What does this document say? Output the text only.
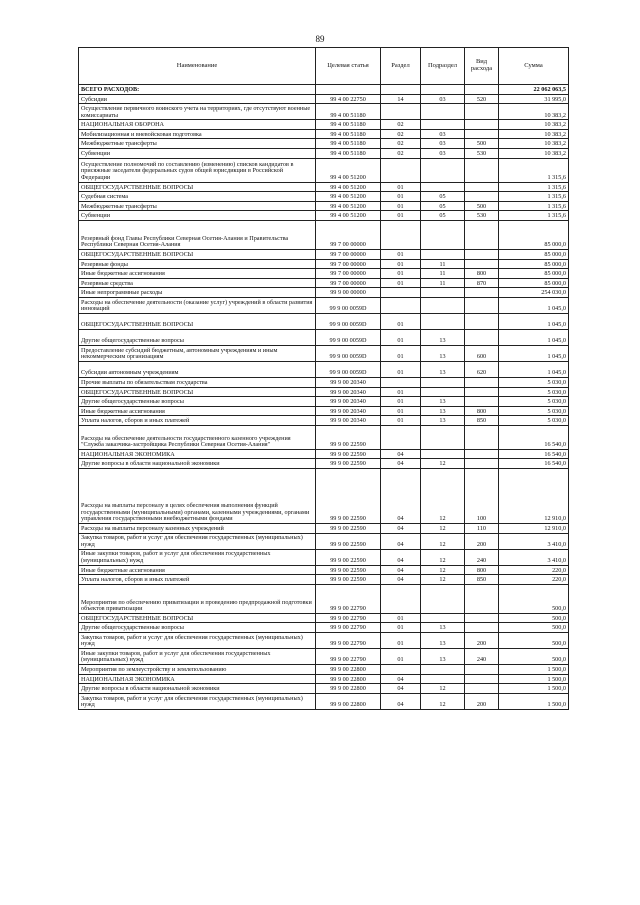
89
Наименование	Целевая статья	Раздел	Подраздел	Вид расхода	Сумма
ВСЕГО РАСХОДОВ:					22 062 063,5
Субсидии	99 4 00 22750	14	03	520	31 995,0
Осуществление первичного воинского учета на территориях, где отсутствуют военные комиссариаты	99 4 00 51180				10 383,2
НАЦИОНАЛЬНАЯ ОБОРОНА	99 4 00 51180	02			10 383,2
Мобилизационная и вневойсковая подготовка	99 4 00 51180	02	03		10 383,2
Межбюджетные трансферты	99 4 00 51180	02	03	500	10 383,2
Субвенции	99 4 00 51180	02	03	530	10 383,2
Осуществление полномочий по составлению (изменению) списков кандидатов в присяжные заседатели федеральных судов общей юрисдикции в Российской Федерации	99 4 00 51200				1 315,6
ОБЩЕГОСУДАРСТВЕННЫЕ ВОПРОСЫ	99 4 00 51200	01			1 315,6
Судебная система	99 4 00 51200	01	05		1 315,6
Межбюджетные трансферты	99 4 00 51200	01	05	500	1 315,6
Субвенции	99 4 00 51200	01	05	530	1 315,6
Резервный фонд Главы Республики Северная Осетия-Алания и Правительства Республики Северная Осетия-Алания	99 7 00 00000				85 000,0
ОБЩЕГОСУДАРСТВЕННЫЕ ВОПРОСЫ	99 7 00 00000	01			85 000,0
Резервные фонды	99 7 00 00000	01	11		85 000,0
Иные бюджетные ассигнования	99 7 00 00000	01	11	800	85 000,0
Резервные средства	99 7 00 00000	01	11	870	85 000,0
Иные непрограммные расходы	99 9 00 00000				254 030,0
Расходы на обеспечение деятельности (оказание услуг) учреждений в области развития инноваций	99 9 00 0059D				1 045,0
ОБЩЕГОСУДАРСТВЕННЫЕ ВОПРОСЫ	99 9 00 0059D	01			1 045,0
Другие общегосударственные вопросы	99 9 00 0059D	01	13		1 045,0
Предоставление субсидий бюджетным, автономным учреждениям и иным некоммерческим организациям	99 9 00 0059D	01	13	600	1 045,0
Субсидии автономным учреждениям	99 9 00 0059D	01	13	620	1 045,0
Прочие выплаты по обязательствам государства	99 9 00 20340				5 030,0
ОБЩЕГОСУДАРСТВЕННЫЕ ВОПРОСЫ	99 9 00 20340	01			5 030,0
Другие общегосударственные вопросы	99 9 00 20340	01	13		5 030,0
Иные бюджетные ассигнования	99 9 00 20340	01	13	800	5 030,0
Уплата налогов, сборов и иных платежей	99 9 00 20340	01	13	850	5 030,0
Расходы на обеспечение деятельности государственного казенного учреждения "Служба заказчика-застройщика Республики Северная Осетия-Алания"	99 9 00 22590				16 540,0
НАЦИОНАЛЬНАЯ ЭКОНОМИКА	99 9 00 22590	04			16 540,0
Другие вопросы в области национальной экономики	99 9 00 22590	04	12		16 540,0
Расходы на выплаты персоналу в целях обеспечения выполнения функций государственными (муниципальными) органами, казенными учреждениями, органами управления государственными внебюджетными фондами	99 9 00 22590	04	12	100	12 910,0
Расходы на выплаты персоналу казенных учреждений	99 9 00 22590	04	12	110	12 910,0
Закупка товаров, работ и услуг для обеспечения государственных (муниципальных) нужд	99 9 00 22590	04	12	200	3 410,0
Иные закупки товаров, работ и услуг для обеспечения государственных (муниципальных) нужд	99 9 00 22590	04	12	240	3 410,0
Иные бюджетные ассигнования	99 9 00 22590	04	12	800	220,0
Уплата налогов, сборов и иных платежей	99 9 00 22590	04	12	850	220,0
Мероприятия по обеспечению приватизации и проведению предпродажной подготовки объектов приватизации	99 9 00 22790				500,0
ОБЩЕГОСУДАРСТВЕННЫЕ ВОПРОСЫ	99 9 00 22790	01			500,0
Другие общегосударственные вопросы	99 9 00 22790	01	13		500,0
Закупка товаров, работ и услуг для обеспечения государственных (муниципальных) нужд	99 9 00 22790	01	13	200	500,0
Иные закупки товаров, работ и услуг для обеспечения государственных (муниципальных) нужд	99 9 00 22790	01	13	240	500,0
Мероприятия по землеустройству и землепользованию	99 9 00 22800				1 500,0
НАЦИОНАЛЬНАЯ ЭКОНОМИКА	99 9 00 22800	04			1 500,0
Другие вопросы в области национальной экономики	99 9 00 22800	04	12		1 500,0
Закупка товаров, работ и услуг для обеспечения государственных (муниципальных) нужд	99 9 00 22800	04	12	200	1 500,0
